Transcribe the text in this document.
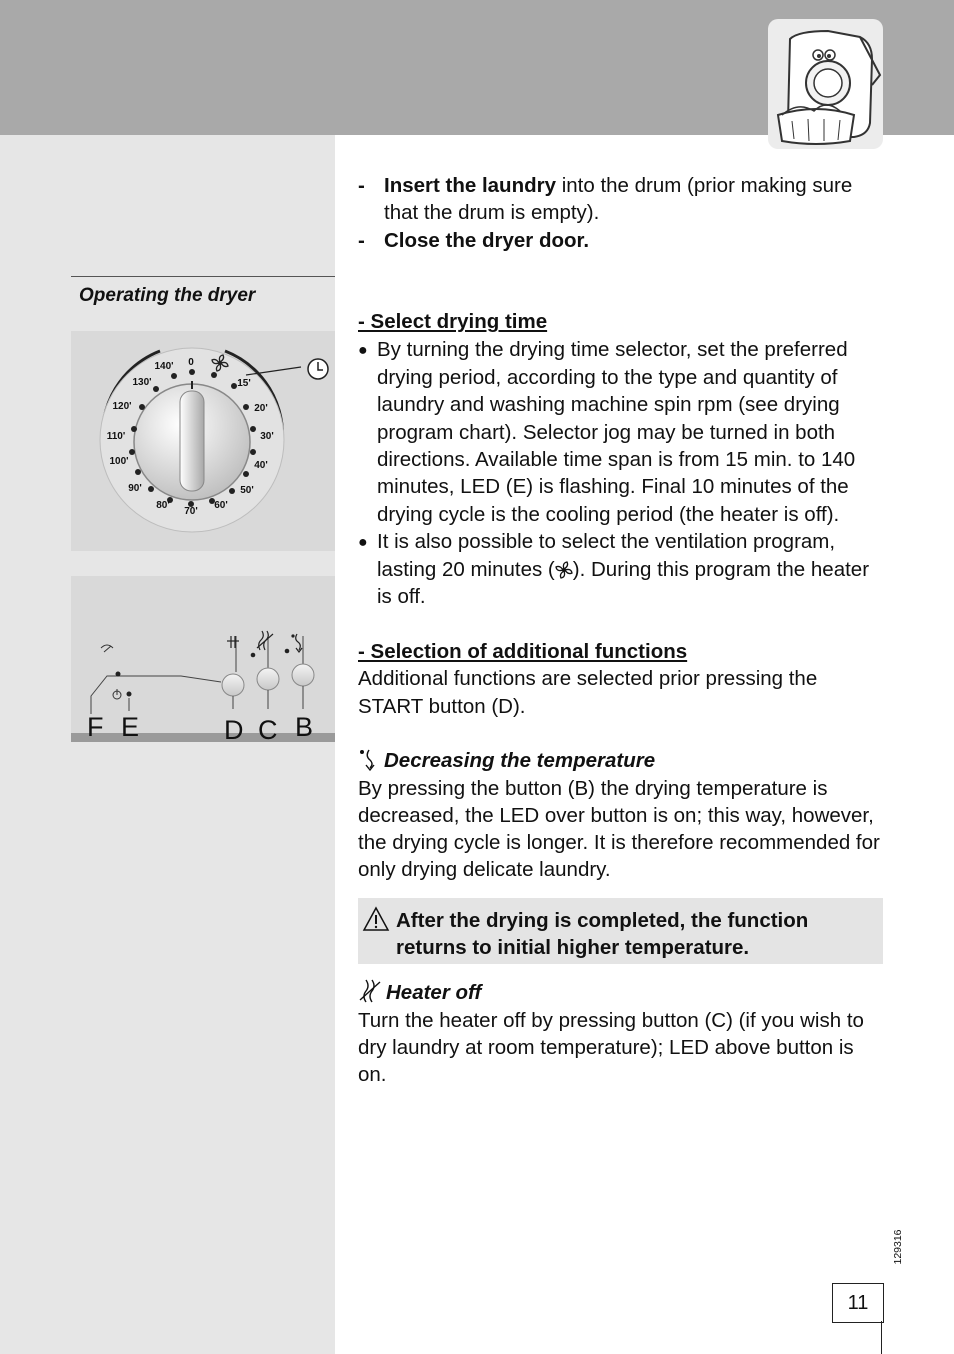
Operating the dryer
0
15'
20'
30'
40'
50'
60'
70'
80'
90'
100'
110'
120'
130'
140'
F E	D C B

- Insert the laundry into the drum (prior making sure that the drum is empty).

- Close the dryer door.

- Select drying time

● By turning the drying time selector, set the preferred drying period, according to the type and quantity of laundry and washing machine spin rpm (see drying program chart). Selector jog may be turned in both directions. Available time span is from 15 min. to 140 minutes, LED (E) is flashing. Final 10 minutes of the drying cycle is the cooling period (the heater is off).

● It is also possible to select the ventilation program, lasting 20 minutes ( ). During this program the heater is off.

- Selection of additional functions

Additional functions are selected prior pressing the START button (D).

Decreasing the temperature

By pressing the button (B) the drying temperature is decreased, the LED over button is on; this way, however, the drying cycle is longer. It is therefore recommended for only drying delicate laundry.

After the drying is completed, the function returns to initial higher temperature.

Heater off

Turn the heater off by pressing button (C) (if you wish to dry laundry at room temperature); LED above button is on.

129316
11
